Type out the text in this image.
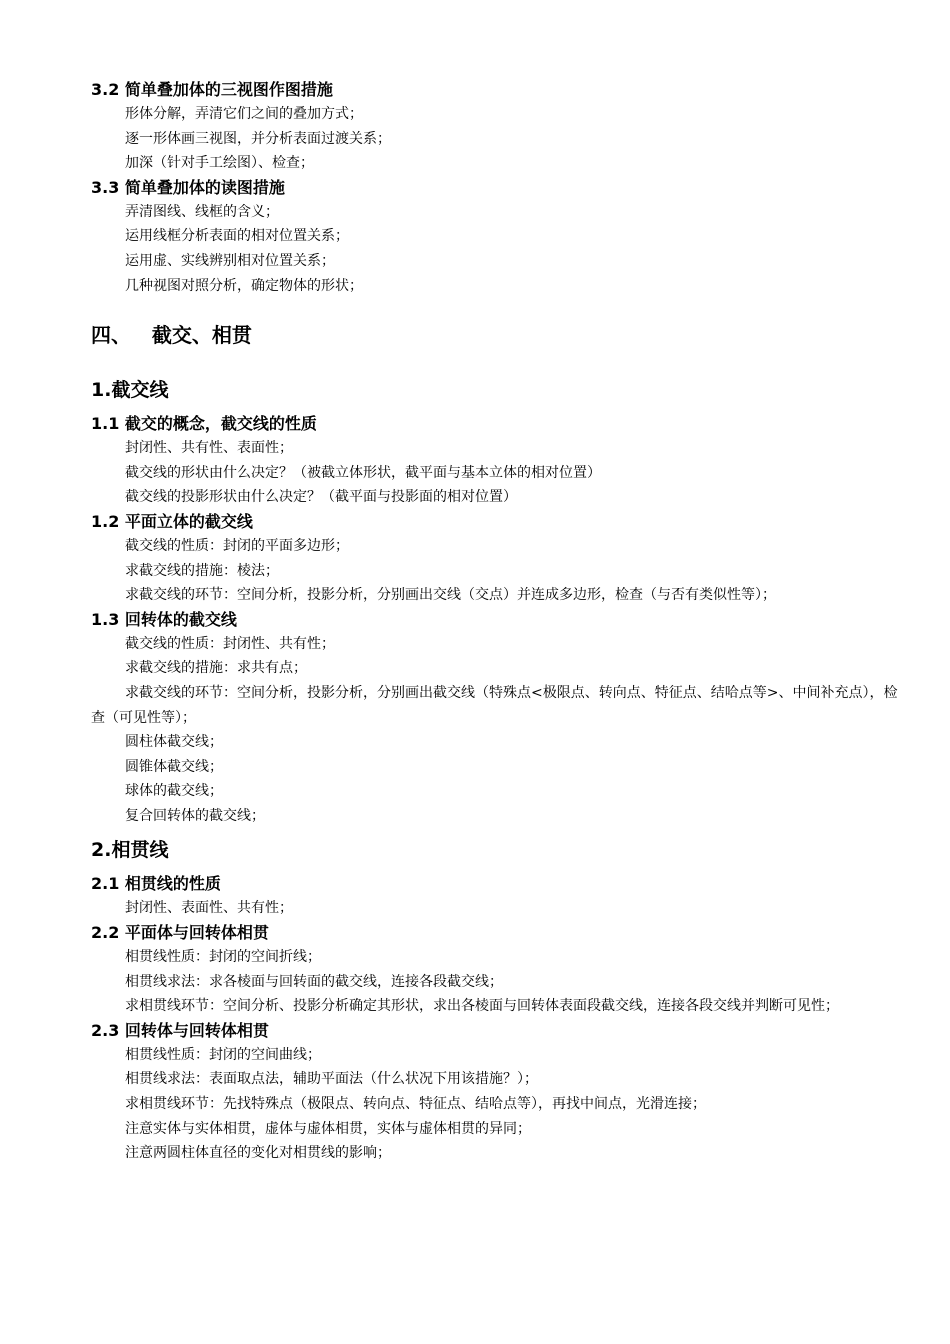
3.2 简单叠加体的三视图作图措施
形体分解，弄清它们之间的叠加方式；
逐一形体画三视图，并分析表面过渡关系；
加深（针对手工绘图）、检查；
3.3 简单叠加体的读图措施
弄清图线、线框的含义；
运用线框分析表面的相对位置关系；
运用虚、实线辨别相对位置关系；
几种视图对照分析，确定物体的形状；
四、   截交、相贯
1.截交线
1.1 截交的概念，截交线的性质
封闭性、共有性、表面性；
截交线的形状由什么决定？（被截立体形状，截平面与基本立体的相对位置）
截交线的投影形状由什么决定？（截平面与投影面的相对位置）
1.2 平面立体的截交线
截交线的性质：封闭的平面多边形；
求截交线的措施：棱法；
求截交线的环节：空间分析，投影分析，分别画出交线（交点）并连成多边形，检查（与否有类似性等）；
1.3 回转体的截交线
截交线的性质：封闭性、共有性；
求截交线的措施：求共有点；
求截交线的环节：空间分析，投影分析，分别画出截交线（特殊点<极限点、转向点、特征点、结哈点等>、中间补充点），检查（可见性等）；
圆柱体截交线；
圆锥体截交线；
球体的截交线；
复合回转体的截交线；
2.相贯线
2.1 相贯线的性质
封闭性、表面性、共有性；
2.2 平面体与回转体相贯
相贯线性质：封闭的空间折线；
相贯线求法：求各棱面与回转面的截交线，连接各段截交线；
求相贯线环节：空间分析、投影分析确定其形状，求出各棱面与回转体表面段截交线，连接各段交线并判断可见性；
2.3 回转体与回转体相贯
相贯线性质：封闭的空间曲线；
相贯线求法：表面取点法，辅助平面法（什么状况下用该措施？）；
求相贯线环节：先找特殊点（极限点、转向点、特征点、结哈点等），再找中间点，光滑连接；
注意实体与实体相贯，虚体与虚体相贯，实体与虚体相贯的异同；
注意两圆柱体直径的变化对相贯线的影响；
